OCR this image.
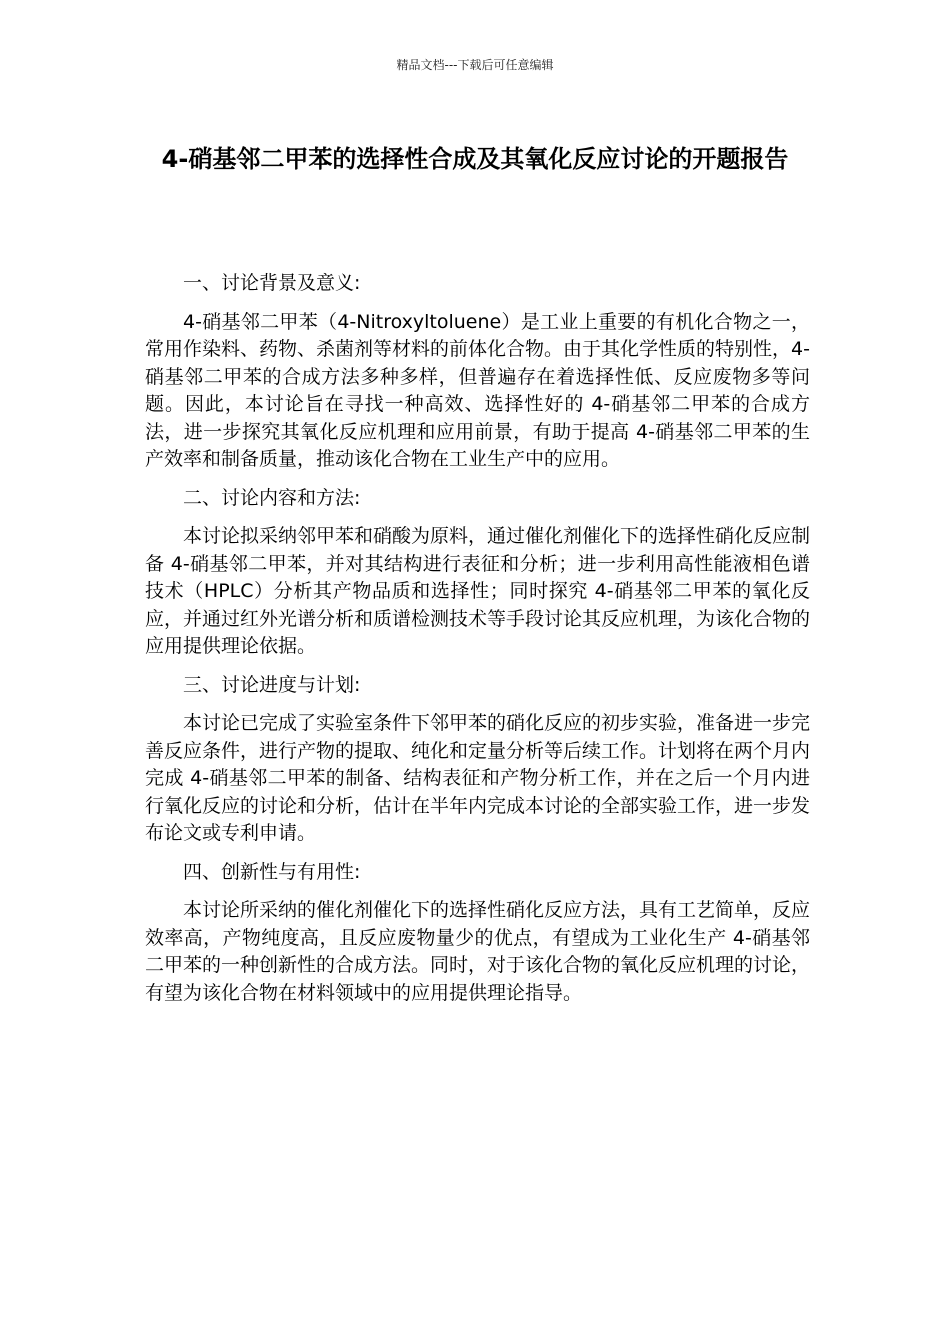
精品文档---下载后可任意编辑
4-硝基邻二甲苯的选择性合成及其氧化反应讨论的开题报告

一、讨论背景及意义:

4-硝基邻二甲苯（4-Nitroxyltoluene）是工业上重要的有机化合物之一，常用作染料、药物、杀菌剂等材料的前体化合物。由于其化学性质的特别性，4-硝基邻二甲苯的合成方法多种多样，但普遍存在着选择性低、反应废物多等问题。因此，本讨论旨在寻找一种高效、选择性好的 4-硝基邻二甲苯的合成方法，进一步探究其氧化反应机理和应用前景，有助于提高 4-硝基邻二甲苯的生产效率和制备质量，推动该化合物在工业生产中的应用。

二、讨论内容和方法:

本讨论拟采纳邻甲苯和硝酸为原料，通过催化剂催化下的选择性硝化反应制备 4-硝基邻二甲苯，并对其结构进行表征和分析；进一步利用高性能液相色谱技术（HPLC）分析其产物品质和选择性；同时探究 4-硝基邻二甲苯的氧化反应，并通过红外光谱分析和质谱检测技术等手段讨论其反应机理，为该化合物的应用提供理论依据。

三、讨论进度与计划:

本讨论已完成了实验室条件下邻甲苯的硝化反应的初步实验，准备进一步完善反应条件，进行产物的提取、纯化和定量分析等后续工作。计划将在两个月内完成 4-硝基邻二甲苯的制备、结构表征和产物分析工作，并在之后一个月内进行氧化反应的讨论和分析，估计在半年内完成本讨论的全部实验工作，进一步发布论文或专利申请。

四、创新性与有用性:

本讨论所采纳的催化剂催化下的选择性硝化反应方法，具有工艺简单，反应效率高，产物纯度高，且反应废物量少的优点，有望成为工业化生产 4-硝基邻二甲苯的一种创新性的合成方法。同时，对于该化合物的氧化反应机理的讨论，有望为该化合物在材料领域中的应用提供理论指导。
